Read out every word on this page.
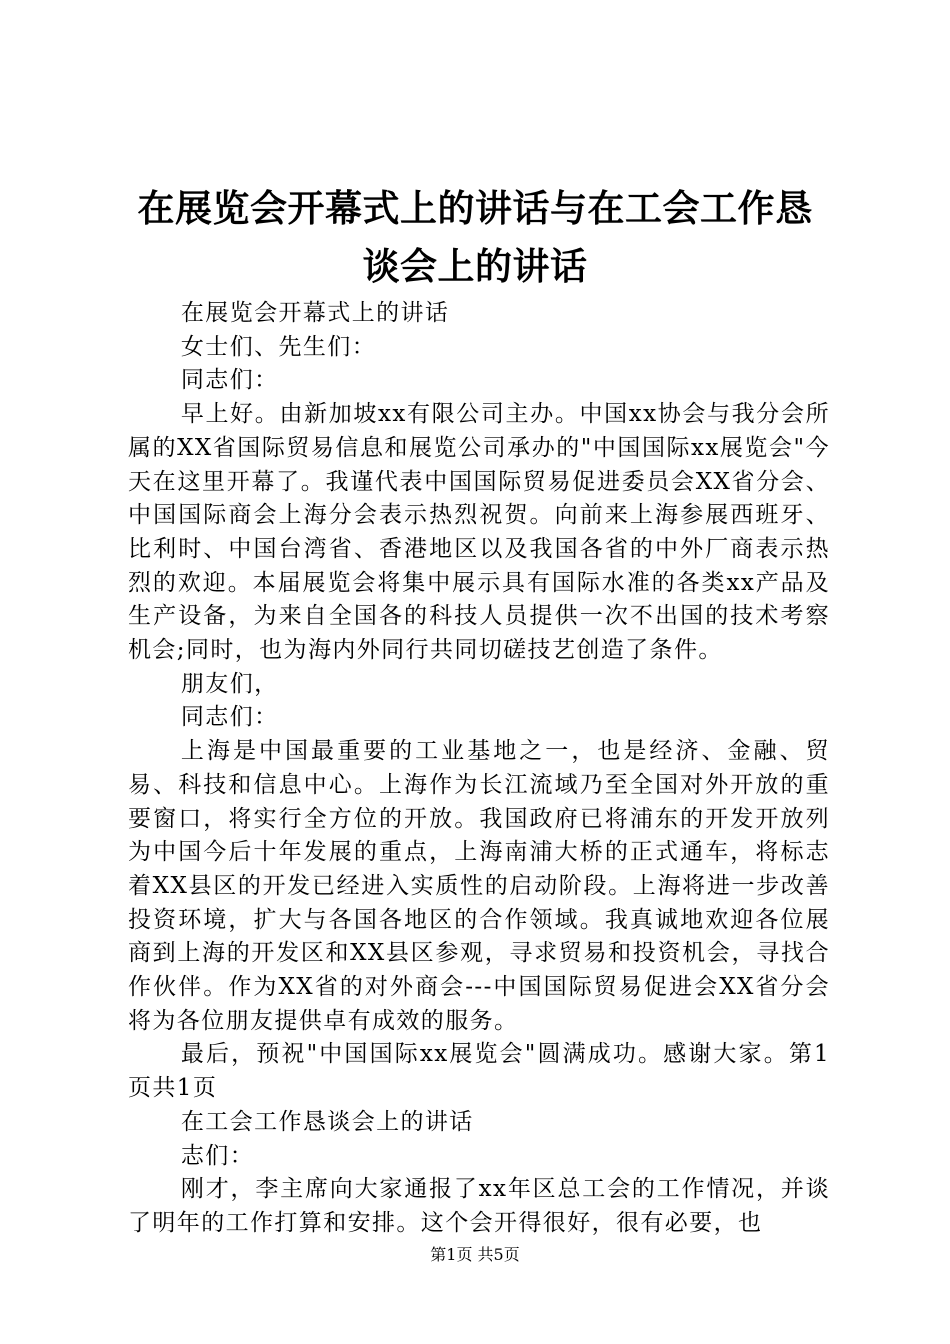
在展览会开幕式上的讲话与在工会工作恳谈会上的讲话

在展览会开幕式上的讲话

女士们、先生们：

同志们：

早上好。由新加坡xx有限公司主办。中国xx协会与我分会所属的XX省国际贸易信息和展览公司承办的"中国国际xx展览会"今天在这里开幕了。我谨代表中国国际贸易促进委员会XX省分会、中国国际商会上海分会表示热烈祝贺。向前来上海参展西班牙、比利时、中国台湾省、香港地区以及我国各省的中外厂商表示热烈的欢迎。本届展览会将集中展示具有国际水准的各类xx产品及生产设备，为来自全国各的科技人员提供一次不出国的技术考察机会;同时，也为海内外同行共同切磋技艺创造了条件。

朋友们，

同志们：

上海是中国最重要的工业基地之一，也是经济、金融、贸易、科技和信息中心。上海作为长江流域乃至全国对外开放的重要窗口，将实行全方位的开放。我国政府已将浦东的开发开放列为中国今后十年发展的重点，上海南浦大桥的正式通车，将标志着XX县区的开发已经进入实质性的启动阶段。上海将进一步改善投资环境，扩大与各国各地区的合作领域。我真诚地欢迎各位展商到上海的开发区和XX县区参观，寻求贸易和投资机会，寻找合作伙伴。作为XX省的对外商会---中国国际贸易促进会XX省分会将为各位朋友提供卓有成效的服务。

最后，预祝"中国国际xx展览会"圆满成功。感谢大家。第1页共1页

在工会工作恳谈会上的讲话

志们：

刚才，李主席向大家通报了xx年区总工会的工作情况，并谈了明年的工作打算和安排。这个会开得很好，很有必要，也

第1页 共5页
